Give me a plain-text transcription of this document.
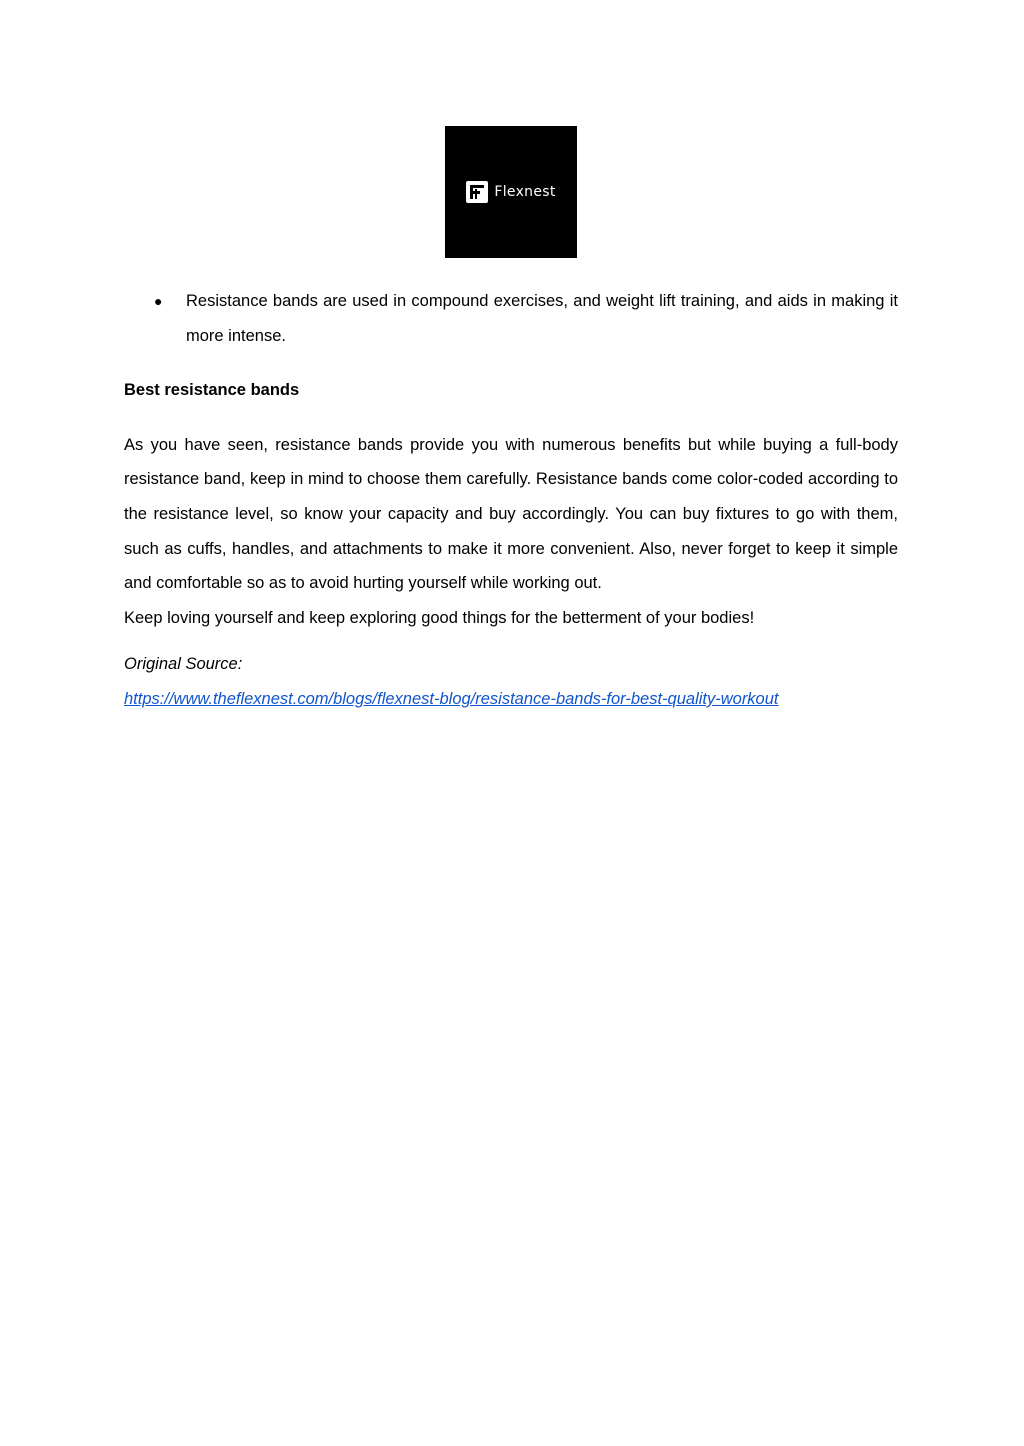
Flexnest
● Resistance bands are used in compound exercises, and weight lift training, and aids in making it more intense.

Best resistance bands

As you have seen, resistance bands provide you with numerous benefits but while buying a full-body resistance band, keep in mind to choose them carefully. Resistance bands come color-coded according to the resistance level, so know your capacity and buy accordingly. You can buy fixtures to go with them, such as cuffs, handles, and attachments to make it more convenient. Also, never forget to keep it simple and comfortable so as to avoid hurting yourself while working out.

Keep loving yourself and keep exploring good things for the betterment of your bodies!

Original Source:

https://www.theflexnest.com/blogs/flexnest-blog/resistance-bands-for-best-quality-workout
